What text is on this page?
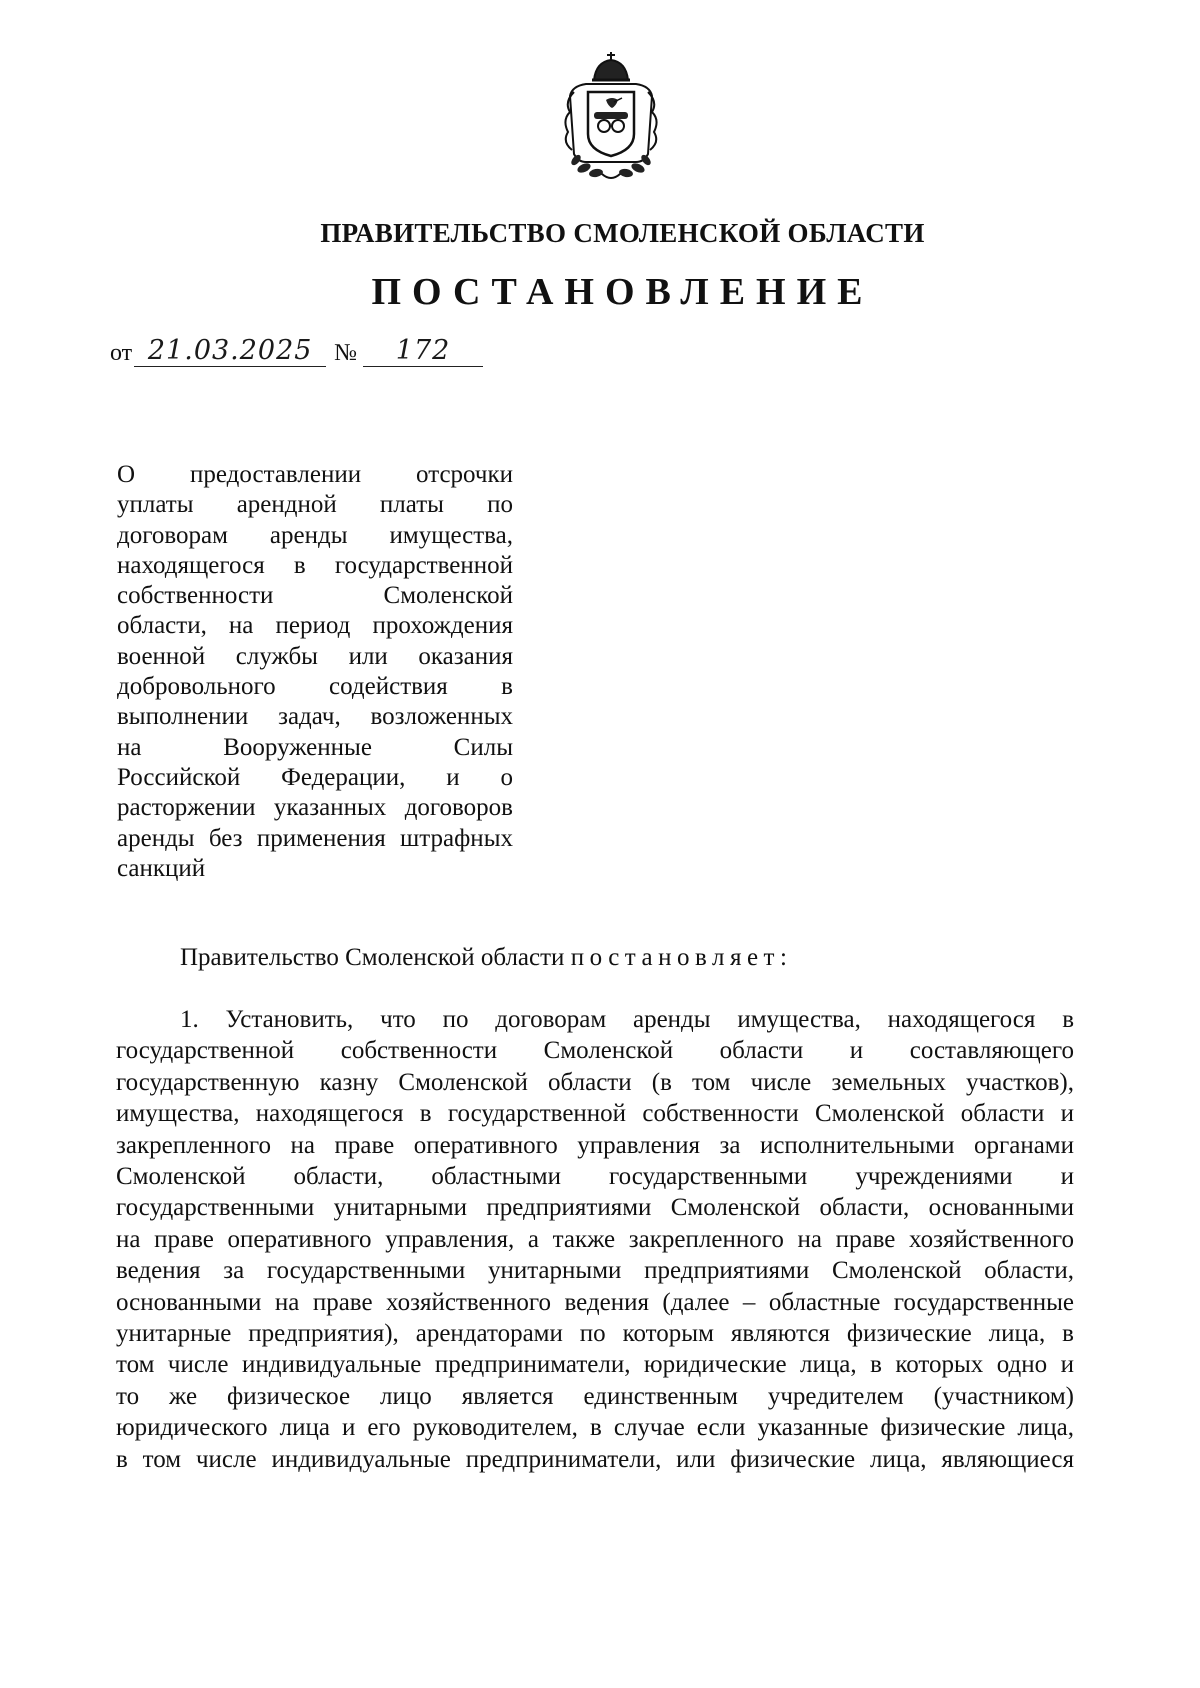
ПРАВИТЕЛЬСТВО СМОЛЕНСКОЙ ОБЛАСТИ
ПОСТАНОВЛЕНИЕ
от 21.03.2025 № 172
О предоставлении отсрочки
уплаты арендной платы по
договорам аренды имущества,
находящегося в государственной
собственности Смоленской
области, на период прохождения
военной службы или оказания
добровольного содействия в
выполнении задач, возложенных
на Вооруженные Силы
Российской Федерации, и о
расторжении указанных договоров
аренды без применения штрафных
санкций
Правительство Смоленской области постановляет:
1. Установить, что по договорам аренды имущества, находящегося в
государственной собственности Смоленской области и составляющего
государственную казну Смоленской области (в том числе земельных участков),
имущества, находящегося в государственной собственности Смоленской области и
закрепленного на праве оперативного управления за исполнительными органами
Смоленской области, областными государственными учреждениями и
государственными унитарными предприятиями Смоленской области, основанными
на праве оперативного управления, а также закрепленного на праве хозяйственного
ведения за государственными унитарными предприятиями Смоленской области,
основанными на праве хозяйственного ведения (далее – областные государственные
унитарные предприятия), арендаторами по которым являются физические лица, в
том числе индивидуальные предприниматели, юридические лица, в которых одно и
то же физическое лицо является единственным учредителем (участником)
юридического лица и его руководителем, в случае если указанные физические лица,
в том числе индивидуальные предприниматели, или физические лица, являющиеся
